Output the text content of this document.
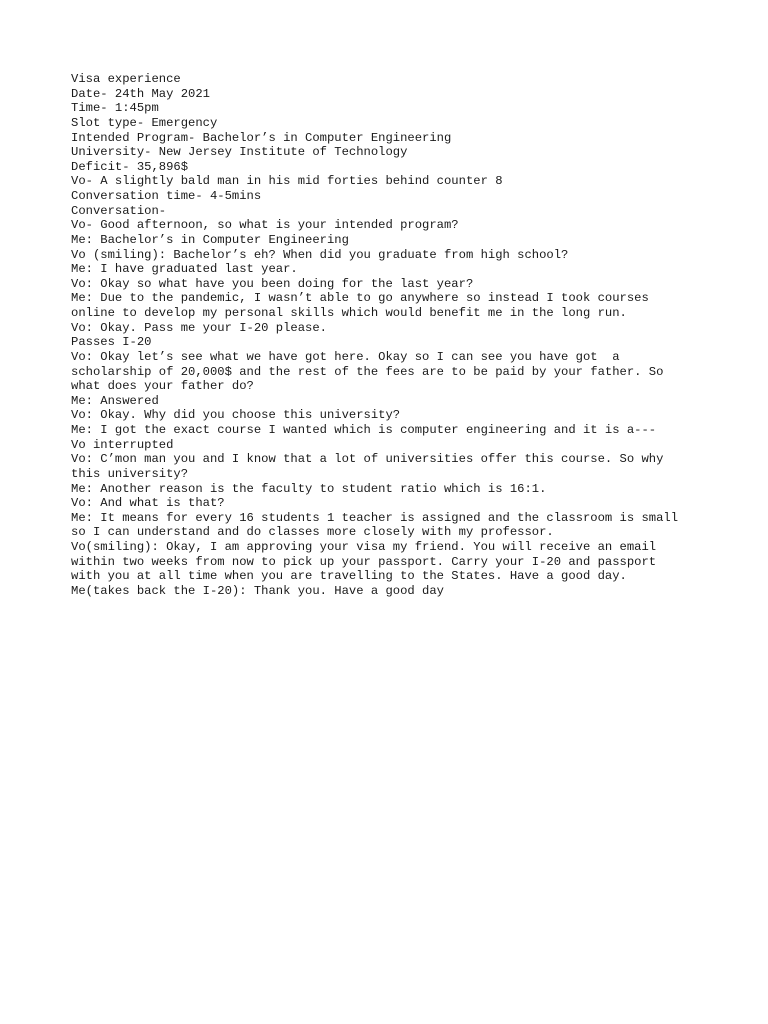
Visa experience
Date- 24th May 2021
Time- 1:45pm
Slot type- Emergency
Intended Program- Bachelor’s in Computer Engineering
University- New Jersey Institute of Technology
Deficit- 35,896$
Vo- A slightly bald man in his mid forties behind counter 8
Conversation time- 4-5mins
Conversation-
Vo- Good afternoon, so what is your intended program?
Me: Bachelor’s in Computer Engineering
Vo (smiling): Bachelor’s eh? When did you graduate from high school?
Me: I have graduated last year.
Vo: Okay so what have you been doing for the last year?
Me: Due to the pandemic, I wasn’t able to go anywhere so instead I took courses
online to develop my personal skills which would benefit me in the long run.
Vo: Okay. Pass me your I-20 please.
Passes I-20
Vo: Okay let’s see what we have got here. Okay so I can see you have got  a
scholarship of 20,000$ and the rest of the fees are to be paid by your father. So
what does your father do?
Me: Answered
Vo: Okay. Why did you choose this university?
Me: I got the exact course I wanted which is computer engineering and it is a---
Vo interrupted
Vo: C’mon man you and I know that a lot of universities offer this course. So why
this university?
Me: Another reason is the faculty to student ratio which is 16:1.
Vo: And what is that?
Me: It means for every 16 students 1 teacher is assigned and the classroom is small
so I can understand and do classes more closely with my professor.
Vo(smiling): Okay, I am approving your visa my friend. You will receive an email
within two weeks from now to pick up your passport. Carry your I-20 and passport
with you at all time when you are travelling to the States. Have a good day.
Me(takes back the I-20): Thank you. Have a good day
